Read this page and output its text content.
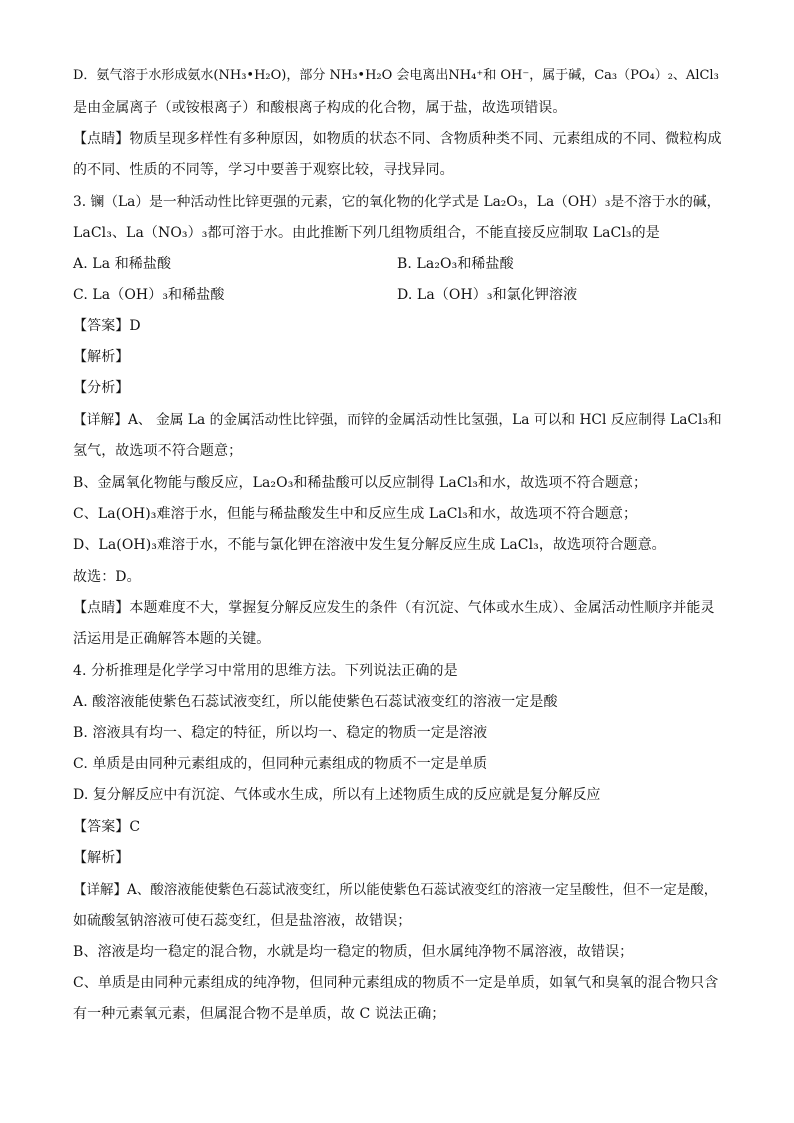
D．氨气溶于水形成氨水(NH₃•H₂O)，部分 NH₃•H₂O 会电离出NH₄⁺和 OH⁻，属于碱，Ca₃（PO₄）₂、AlCl₃
是由金属离子（或铵根离子）和酸根离子构成的化合物，属于盐，故选项错误。
【点睛】物质呈现多样性有多种原因，如物质的状态不同、含物质种类不同、元素组成的不同、微粒构成
的不同、性质的不同等，学习中要善于观察比较，寻找异同。
3. 镧（La）是一种活动性比锌更强的元素，它的氧化物的化学式是 La₂O₃，La（OH）₃是不溶于水的碱，
LaCl₃、La（NO₃）₃都可溶于水。由此推断下列几组物质组合，不能直接反应制取 LaCl₃的是
A. La 和稀盐酸	B. La₂O₃和稀盐酸
C. La（OH）₃和稀盐酸	D. La（OH）₃和氯化钾溶液
【答案】D
【解析】
【分析】
【详解】A、 金属 La 的金属活动性比锌强，而锌的金属活动性比氢强，La 可以和 HCl 反应制得 LaCl₃和
氢气，故选项不符合题意；
B、金属氧化物能与酸反应，La₂O₃和稀盐酸可以反应制得 LaCl₃和水，故选项不符合题意；
C、La(OH)₃难溶于水，但能与稀盐酸发生中和反应生成 LaCl₃和水，故选项不符合题意；
D、La(OH)₃难溶于水，不能与氯化钾在溶液中发生复分解反应生成 LaCl₃，故选项符合题意。
故选：D。
【点睛】本题难度不大，掌握复分解反应发生的条件（有沉淀、气体或水生成）、金属活动性顺序并能灵
活运用是正确解答本题的关键。
4. 分析推理是化学学习中常用的思维方法。下列说法正确的是
A. 酸溶液能使紫色石蕊试液变红，所以能使紫色石蕊试液变红的溶液一定是酸
B. 溶液具有均一、稳定的特征，所以均一、稳定的物质一定是溶液
C. 单质是由同种元素组成的，但同种元素组成的物质不一定是单质
D. 复分解反应中有沉淀、气体或水生成，所以有上述物质生成的反应就是复分解反应
【答案】C
【解析】
【详解】A、酸溶液能使紫色石蕊试液变红，所以能使紫色石蕊试液变红的溶液一定呈酸性，但不一定是酸，
如硫酸氢钠溶液可使石蕊变红，但是盐溶液，故错误；
B、溶液是均一稳定的混合物，水就是均一稳定的物质，但水属纯净物不属溶液，故错误；
C、单质是由同种元素组成的纯净物，但同种元素组成的物质不一定是单质，如氧气和臭氧的混合物只含
有一种元素氧元素，但属混合物不是单质，故 C 说法正确；
